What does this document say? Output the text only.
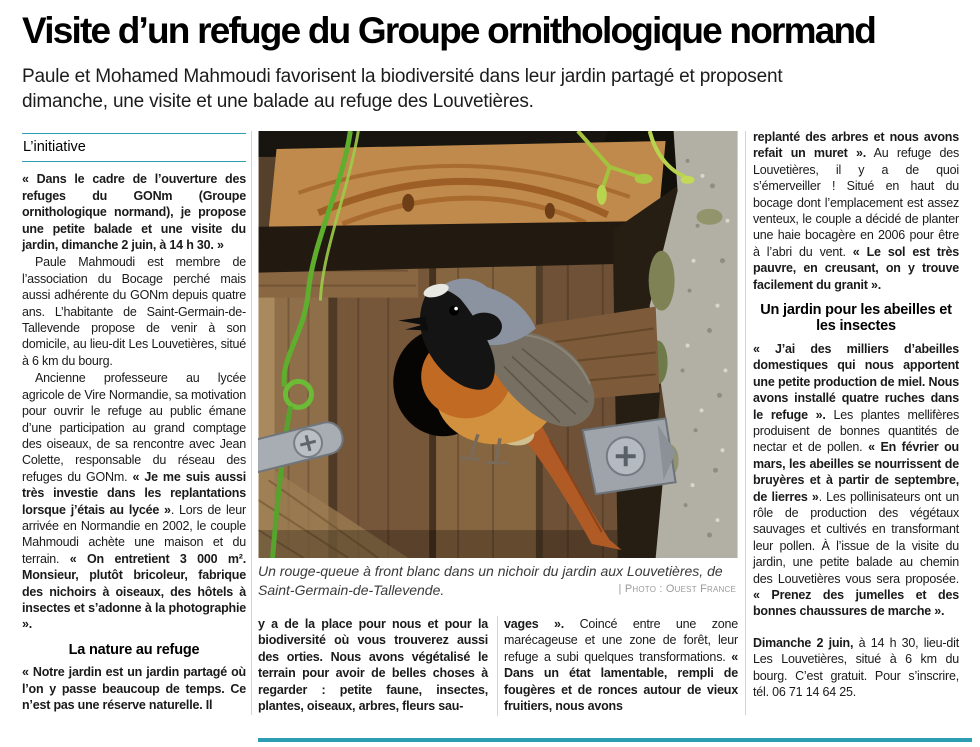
Visite d’un refuge du Groupe ornithologique normand

Paule et Mohamed Mahmoudi favorisent la biodiversité dans leur jardin partagé et proposent dimanche, une visite et une balade au refuge des Louvetières.

L’initiative

« Dans le cadre de l’ouverture des refuges du GONm (Groupe ornithologique normand), je propose une petite balade et une visite du jardin, dimanche 2 juin, à 14 h 30. »

Paule Mahmoudi est membre de l’association du Bocage perché mais aussi adhérente du GONm depuis quatre ans. L’habitante de Saint-Germain-de-Tallevende propose de venir à son domicile, au lieu-dit Les Louvetières, situé à 6 km du bourg.

Ancienne professeure au lycée agricole de Vire Normandie, sa motivation pour ouvrir le refuge au public émane d’une participation au grand comptage des oiseaux, de sa rencontre avec Jean Colette, responsable du réseau des refuges du GONm. « Je me suis aussi très investie dans les replantations lorsque j’étais au lycée ». Lors de leur arrivée en Normandie en 2002, le couple Mahmoudi achète une maison et du terrain. « On entretient 3 000 m². Monsieur, plutôt bricoleur, fabrique des nichoirs à oiseaux, des hôtels à insectes et s’adonne à la photographie ».

La nature au refuge

« Notre jardin est un jardin partagé où l’on y passe beaucoup de temps. Ce n’est pas une réserve naturelle. Il

Un rouge-queue à front blanc dans un nichoir du jardin aux Louvetières, de Saint-Germain-de-Tallevende.	| Photo : Ouest France

y a de la place pour nous et pour la biodiversité où vous trouverez aussi des orties. Nous avons végétalisé le terrain pour avoir de belles choses à regarder : petite faune, insectes, plantes, oiseaux, arbres, fleurs sau-

vages ». Coincé entre une zone marécageuse et une zone de forêt, leur refuge a subi quelques transformations. « Dans un état lamentable, rempli de fougères et de ronces autour de vieux fruitiers, nous avons

replanté des arbres et nous avons refait un muret ». Au refuge des Louvetières, il y a de quoi s’émerveiller ! Situé en haut du bocage dont l’emplacement est assez venteux, le couple a décidé de planter une haie bocagère en 2006 pour être à l’abri du vent. « Le sol est très pauvre, en creusant, on y trouve facilement du granit ».

Un jardin pour les abeilles et les insectes

« J’ai des milliers d’abeilles domestiques qui nous apportent une petite production de miel. Nous avons installé quatre ruches dans le refuge ». Les plantes mellifères produisent de bonnes quantités de nectar et de pollen. « En février ou mars, les abeilles se nourrissent de bruyères et à partir de septembre, de lierres ». Les pollinisateurs ont un rôle de production des végétaux sauvages et cultivés en transformant leur pollen. À l’issue de la visite du jardin, une petite balade au chemin des Louvetières vous sera proposée. « Prenez des jumelles et des bonnes chaussures de marche ».

Dimanche 2 juin, à 14 h 30, lieu-dit Les Louvetières, situé à 6 km du bourg. C’est gratuit. Pour s’inscrire, tél. 06 71 14 64 25.
